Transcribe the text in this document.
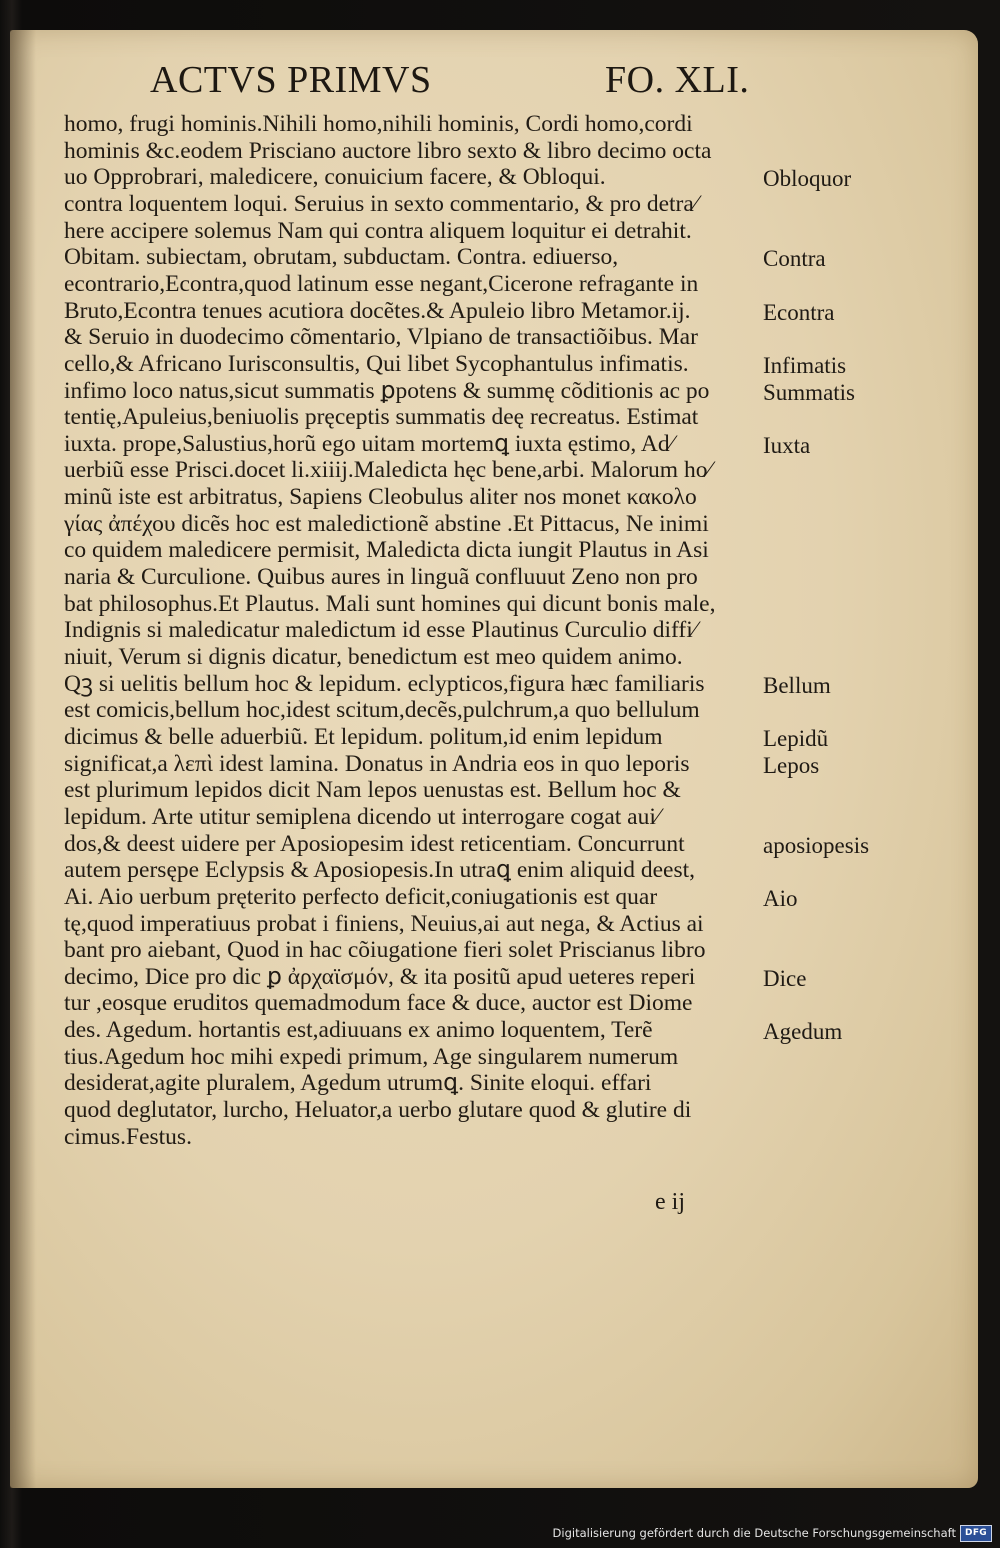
ACTVS PRIMVS	FO. XLI.
homo, frugi hominis.Nihili homo,nihili hominis, Cordi homo,cordi
hominis &c.eodem Prisciano auctore libro sexto & libro decimo octa
uo Opprobrari, maledicere, conuicium facere, & Obloqui.
contra loquentem loqui. Seruius in sexto commentario, & pro detra⁄
here accipere solemus Nam qui contra aliquem loquitur ei detrahit.
Obitam. subiectam, obrutam, subductam. Contra. ediuerso,
econtrario,Econtra,quod latinum esse negant,Cicerone refragante in
Bruto,Econtra tenues acutiora docẽtes.& Apuleio libro Metamor.ij.
& Seruio in duodecimo cõmentario, Vlpiano de transactiõibus. Mar
cello,& Africano Iurisconsultis, Qui libet Sycophantulus infimatis.
infimo loco natus,sicut summatis ꝑpotens & summę cõditionis ac po
tentię,Apuleius,beniuolis pręceptis summatis deę recreatus. Estimat
iuxta. prope,Salustius,horũ ego uitam mortemꝗ iuxta ęstimo, Ad⁄
uerbiũ esse Prisci.docet li.xiiij.Maledicta hęc bene,arbi. Malorum ho⁄
minũ iste est arbitratus, Sapiens Cleobulus aliter nos monet κακολο
γίας ἀπέχου dicẽs hoc est maledictionẽ abstine .Et Pittacus, Ne inimi
co quidem maledicere permisit, Maledicta dicta iungit Plautus in Asi
naria & Curculione. Quibus aures in linguã confluuut Zeno non pro
bat philosophus.Et Plautus. Mali sunt homines qui dicunt bonis male,
Indignis si maledicatur maledictum id esse Plautinus Curculio diffi⁄
niuit, Verum si dignis dicatur, benedictum est meo quidem animo.
Qꝫ si uelitis bellum hoc & lepidum. eclypticos,figura hæc familiaris
est comicis,bellum hoc,idest scitum,decẽs,pulchrum,a quo bellulum
dicimus & belle aduerbiũ. Et lepidum. politum,id enim lepidum
significat,a λεπὶ idest lamina. Donatus in Andria eos in quo leporis
est plurimum lepidos dicit Nam lepos uenustas est. Bellum hoc &
lepidum. Arte utitur semiplena dicendo ut interrogare cogat aui⁄
dos,& deest uidere per Aposiopesim idest reticentiam. Concurrunt
autem persępe Eclypsis & Aposiopesis.In utraꝗ enim aliquid deest,
Ai. Aio uerbum pręterito perfecto deficit,coniugationis est quar
tę,quod imperatiuus probat i finiens, Neuius,ai aut nega, & Actius ai
bant pro aiebant, Quod in hac cõiugatione fieri solet Priscianus libro
decimo, Dice pro dic ꝑ ἀρχαϊσμόν, & ita positũ apud ueteres reperi
tur ,eosque eruditos quemadmodum face & duce, auctor est Diome
des. Agedum. hortantis est,adiuuans ex animo loquentem, Terẽ
tius.Agedum hoc mihi expedi primum, Age singularem numerum
desiderat,agite pluralem, Agedum utrumꝗ. Sinite eloqui. effari
quod deglutator, lurcho, Heluator,a uerbo glutare quod & glutire di
cimus.Festus.
Obloquor
Contra
Econtra
Infimatis
Summatis
Iuxta
Bellum
Lepidũ
Lepos
aposiopesis
Aio
Dice
Agedum
e ij
Digitalisierung gefördert durch die Deutsche Forschungsgemeinschaft	DFG
